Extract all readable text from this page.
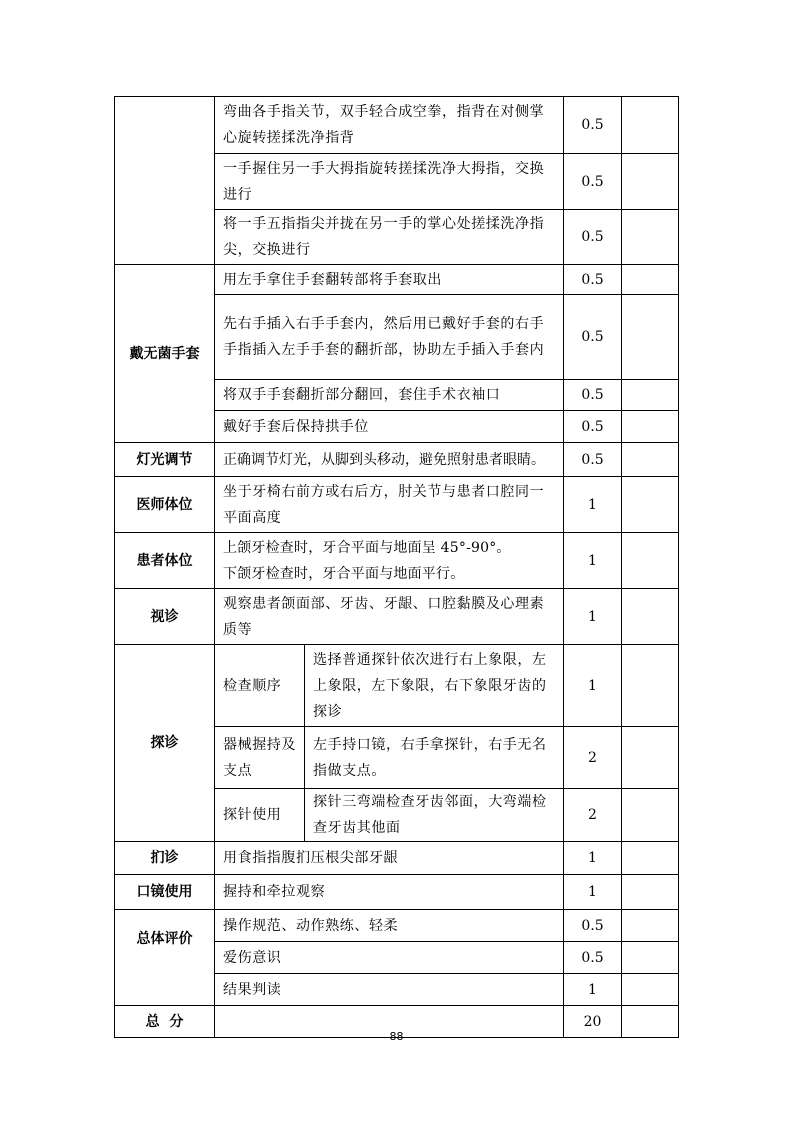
	弯曲各手指关节，双手轻合成空拳，指背在对侧掌心旋转搓揉洗净指背		0.5	
	一手握住另一手大拇指旋转搓揉洗净大拇指，交换进行		0.5	
	将一手五指指尖并拢在另一手的掌心处搓揉洗净指尖，交换进行		0.5	
戴无菌手套	用左手拿住手套翻转部将手套取出		0.5	
	先右手插入右手手套内，然后用已戴好手套的右手手指插入左手手套的翻折部，协助左手插入手套内		0.5	
	将双手手套翻折部分翻回，套住手术衣袖口		0.5	
	戴好手套后保持拱手位		0.5	
灯光调节	正确调节灯光，从脚到头移动，避免照射患者眼睛。		0.5	
医师体位	坐于牙椅右前方或右后方，肘关节与患者口腔同一平面高度		1	
患者体位	上颌牙检查时，牙合平面与地面呈 45°-90°。
下颌牙检查时，牙合平面与地面平行。		1	
视诊	观察患者颌面部、牙齿、牙龈、口腔黏膜及心理素质等		1	
探诊	检查顺序	选择普通探针依次进行右上象限，左上象限，左下象限，右下象限牙齿的探诊	1	
	器械握持及支点	左手持口镜，右手拿探针，右手无名指做支点。	2	
	探针使用	探针三弯端检查牙齿邻面，大弯端检查牙齿其他面	2	
扪诊	用食指指腹扪压根尖部牙龈		1	
口镜使用	握持和牵拉观察		1	
总体评价	操作规范、动作熟练、轻柔		0.5	
	爱伤意识		0.5	
	结果判读		1	
总  分			20	
88
